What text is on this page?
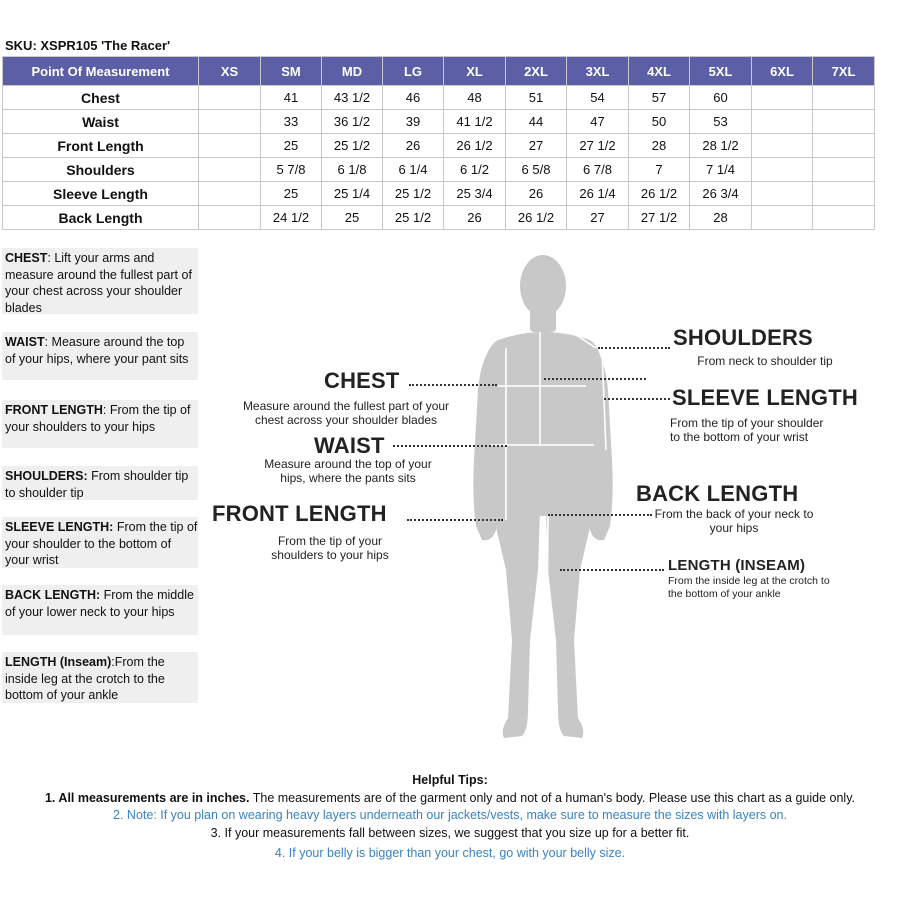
SKU: XSPR105 'The Racer'
Point Of Measurement	XS	SM	MD	LG	XL	2XL	3XL	4XL	5XL	6XL	7XL
Chest		41	43 1/2	46	48	51	54	57	60		
Waist		33	36 1/2	39	41 1/2	44	47	50	53		
Front Length		25	25 1/2	26	26 1/2	27	27 1/2	28	28 1/2		
Shoulders		5 7/8	6 1/8	6 1/4	6 1/2	6 5/8	6 7/8	7	7 1/4		
Sleeve Length		25	25 1/4	25 1/2	25 3/4	26	26 1/4	26 1/2	26 3/4		
Back Length		24 1/2	25	25 1/2	26	26 1/2	27	27 1/2	28		
CHEST: Lift your arms and measure around the fullest part of your chest across your shoulder blades
WAIST: Measure around the top of your hips, where your pant sits
FRONT LENGTH: From the tip of your shoulders to your hips
SHOULDERS: From shoulder tip to shoulder tip
SLEEVE LENGTH: From the tip of your shoulder to the bottom of your wrist
BACK LENGTH: From the middle of your lower neck to your hips
LENGTH (Inseam):From the inside leg at the crotch to the bottom of your ankle
CHEST
Measure around the fullest part of your chest across your shoulder blades
WAIST
Measure around the top of your hips, where the pants sits
FRONT LENGTH
From the tip of your shoulders to your hips
SHOULDERS
From neck to shoulder tip
SLEEVE LENGTH
From the tip of your shoulder to the bottom of your wrist
BACK LENGTH
From the back of your neck to your hips
LENGTH (INSEAM)
From the inside leg at the crotch to the bottom of your ankle
Helpful Tips:
1. All measurements are in inches. The measurements are of the garment only and not of a human's body. Please use this chart as a guide only.
2. Note: If you plan on wearing heavy layers underneath our jackets/vests, make sure to measure the sizes with layers on.
3. If your measurements fall between sizes, we suggest that you size up for a better fit.
4. If your belly is bigger than your chest, go with your belly size.
